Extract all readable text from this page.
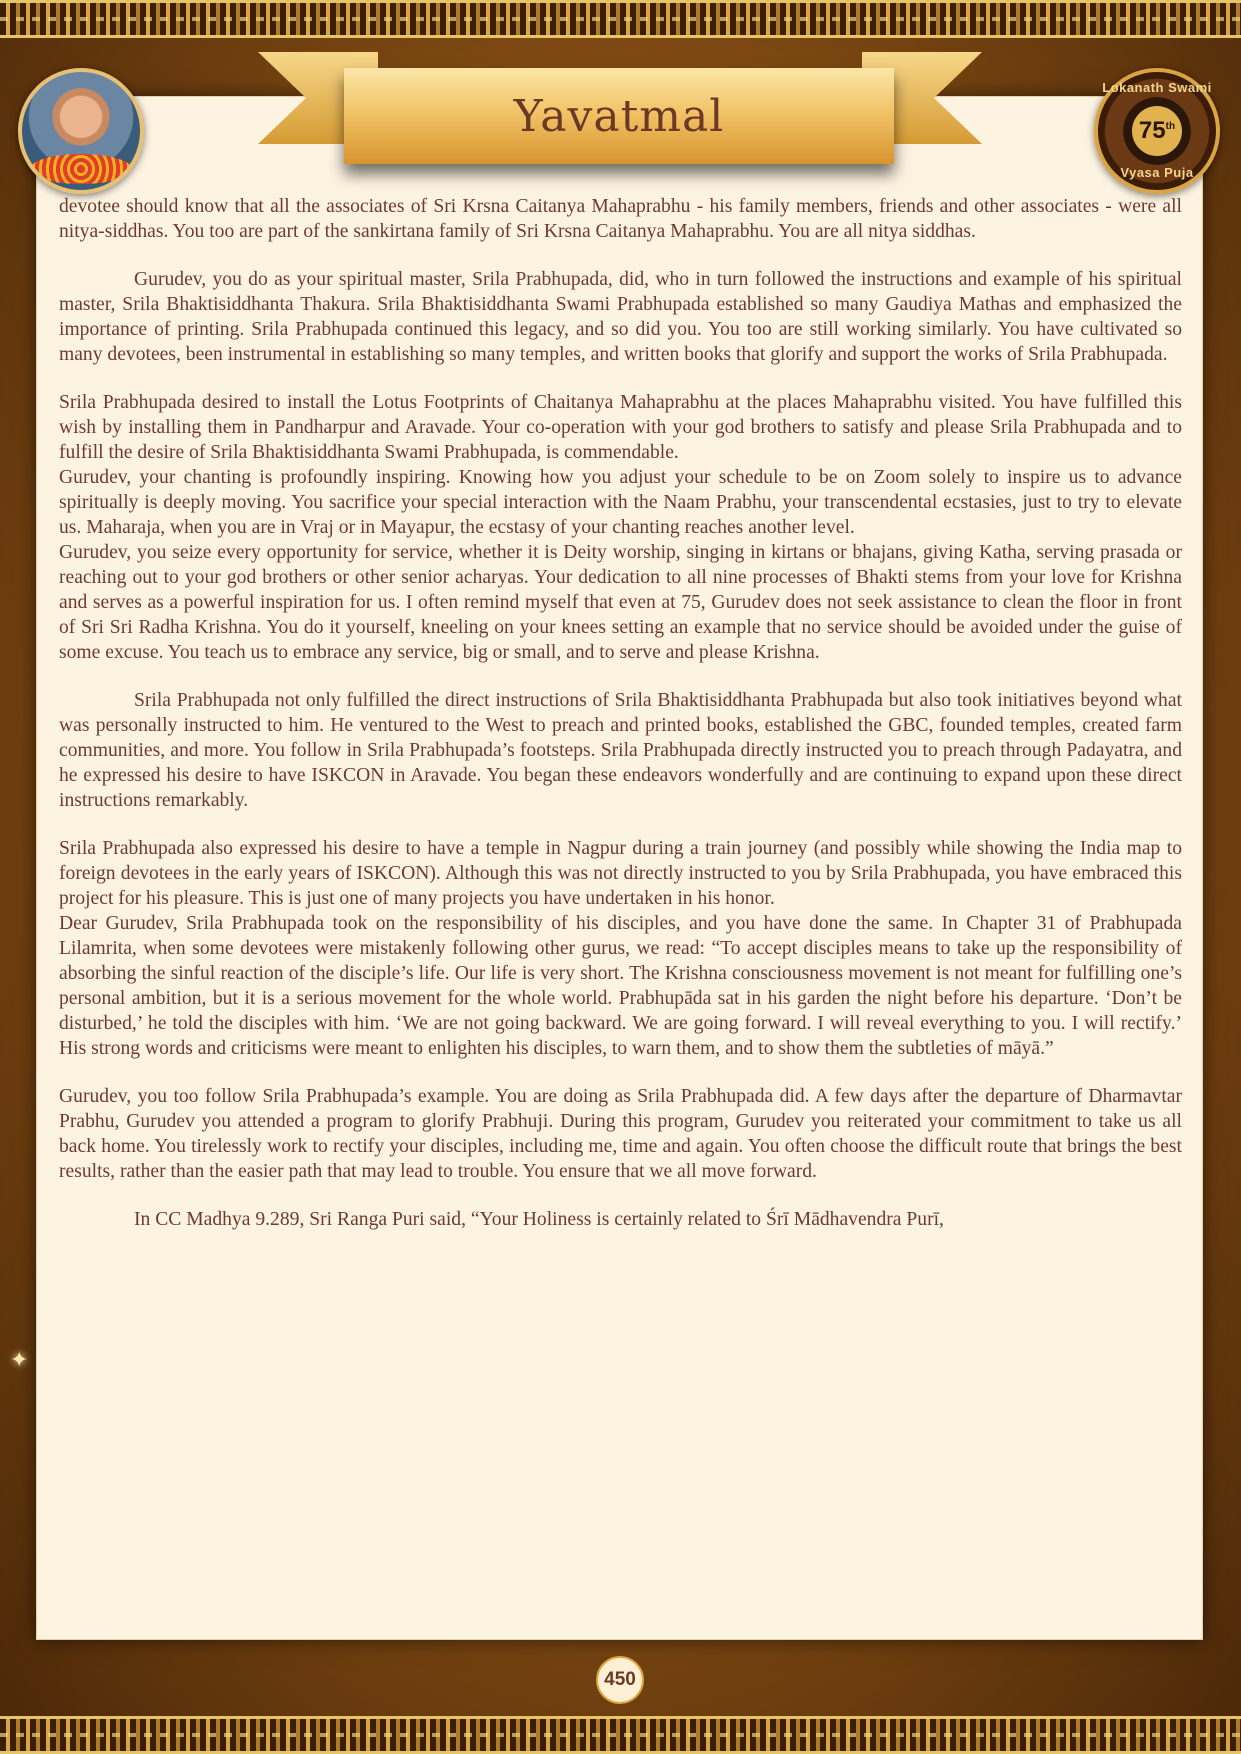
Lokanath Swami
75th
Vyasa Puja
Yavatmal

devotee should know that all the associates of Sri Krsna Caitanya Mahaprabhu - his family members, friends and other associates - were all nitya-siddhas. You too are part of the sankirtana family of Sri Krsna Caitanya Mahaprabhu. You are all nitya siddhas.

Gurudev, you do as your spiritual master, Srila Prabhupada, did, who in turn followed the instructions and example of his spiritual master, Srila Bhaktisiddhanta Thakura. Srila Bhaktisiddhanta Swami Prabhupada established so many Gaudiya Mathas and emphasized the importance of printing. Srila Prabhupada continued this legacy, and so did you. You too are still working similarly. You have cultivated so many devotees, been instrumental in establishing so many temples, and written books that glorify and support the works of Srila Prabhupada.

Srila Prabhupada desired to install the Lotus Footprints of Chaitanya Mahaprabhu at the places Mahaprabhu visited. You have fulfilled this wish by installing them in Pandharpur and Aravade. Your co-operation with your god brothers to satisfy and please Srila Prabhupada and to fulfill the desire of Srila Bhaktisiddhanta Swami Prabhupada, is commendable.

Gurudev, your chanting is profoundly inspiring. Knowing how you adjust your schedule to be on Zoom solely to inspire us to advance spiritually is deeply moving. You sacrifice your special interaction with the Naam Prabhu, your transcendental ecstasies, just to try to elevate us. Maharaja, when you are in Vraj or in Mayapur, the ecstasy of your chanting reaches another level.

Gurudev, you seize every opportunity for service, whether it is Deity worship, singing in kirtans or bhajans, giving Katha, serving prasada or reaching out to your god brothers or other senior acharyas. Your dedication to all nine processes of Bhakti stems from your love for Krishna and serves as a powerful inspiration for us. I often remind myself that even at 75, Gurudev does not seek assistance to clean the floor in front of Sri Sri Radha Krishna. You do it yourself, kneeling on your knees setting an example that no service should be avoided under the guise of some excuse. You teach us to embrace any service, big or small, and to serve and please Krishna.

Srila Prabhupada not only fulfilled the direct instructions of Srila Bhaktisiddhanta Prabhupada but also took initiatives beyond what was personally instructed to him. He ventured to the West to preach and printed books, established the GBC, founded temples, created farm communities, and more. You follow in Srila Prabhupada’s footsteps. Srila Prabhupada directly instructed you to preach through Padayatra, and he expressed his desire to have ISKCON in Aravade. You began these endeavors wonderfully and are continuing to expand upon these direct instructions remarkably.

Srila Prabhupada also expressed his desire to have a temple in Nagpur during a train journey (and possibly while showing the India map to foreign devotees in the early years of ISKCON). Although this was not directly instructed to you by Srila Prabhupada, you have embraced this project for his pleasure. This is just one of many projects you have undertaken in his honor.

Dear Gurudev, Srila Prabhupada took on the responsibility of his disciples, and you have done the same. In Chapter 31 of Prabhupada Lilamrita, when some devotees were mistakenly following other gurus, we read: “To accept disciples means to take up the responsibility of absorbing the sinful reaction of the disciple’s life. Our life is very short. The Krishna consciousness movement is not meant for fulfilling one’s personal ambition, but it is a serious movement for the whole world. Prabhupāda sat in his garden the night before his departure. ‘Don’t be disturbed,’ he told the disciples with him. ‘We are not going backward. We are going forward. I will reveal everything to you. I will rectify.’ His strong words and criticisms were meant to enlighten his disciples, to warn them, and to show them the subtleties of māyā.”

Gurudev, you too follow Srila Prabhupada’s example. You are doing as Srila Prabhupada did. A few days after the departure of Dharmavtar Prabhu, Gurudev you attended a program to glorify Prabhuji. During this program, Gurudev you reiterated your commitment to take us all back home. You tirelessly work to rectify your disciples, including me, time and again. You often choose the difficult route that brings the best results, rather than the easier path that may lead to trouble. You ensure that we all move forward.

In CC Madhya 9.289, Sri Ranga Puri said, “Your Holiness is certainly related to Śrī Mādhavendra Purī,

✦
450
